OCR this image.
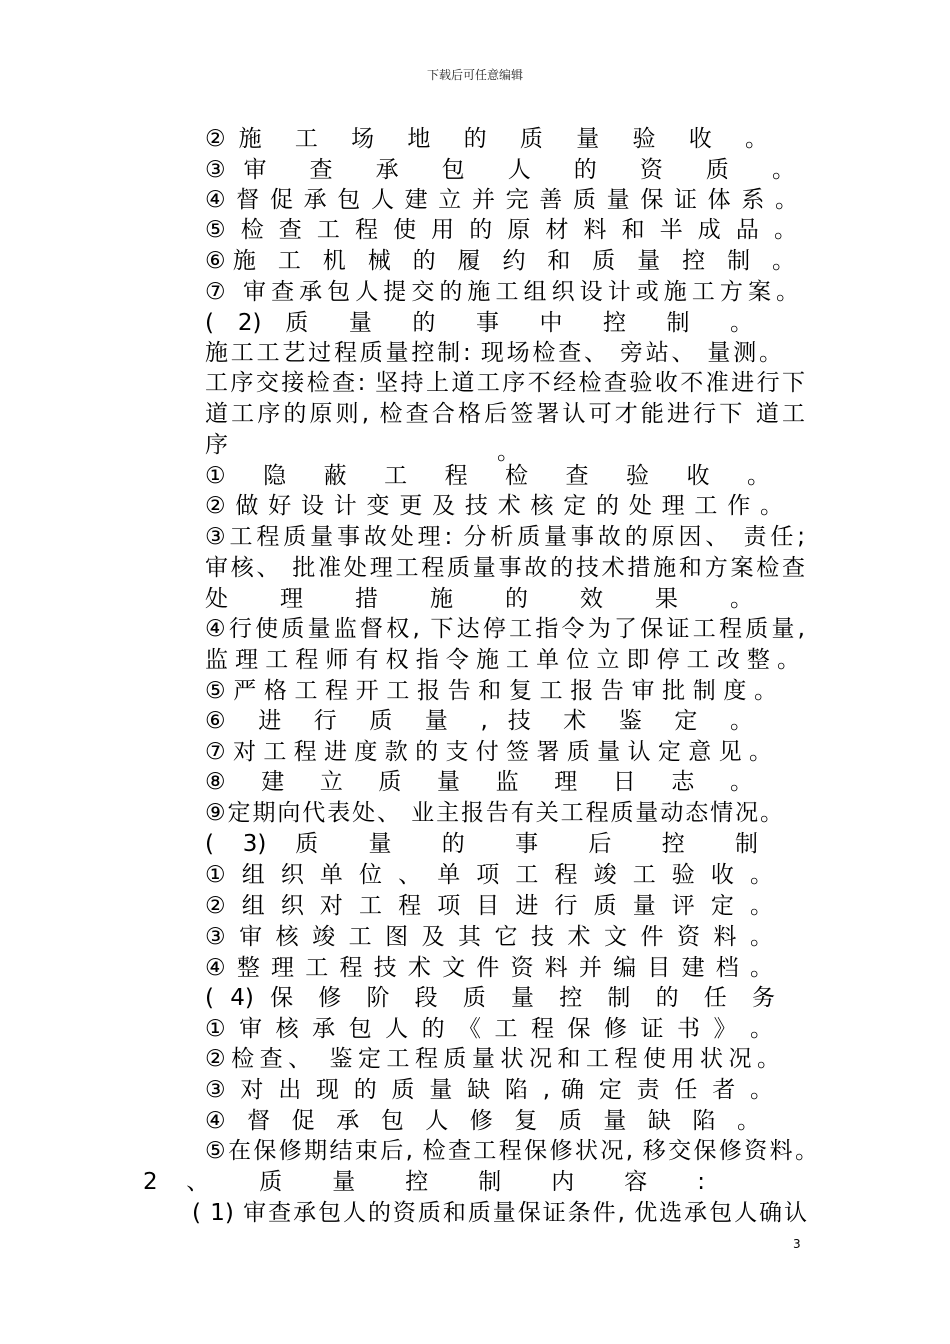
下载后可任意编辑
②施 工 场 地 的 质 量 验 收 。
③审 查 承 包 人 的 资 质 。
④督促承包人建立并完善质量保证体系。
⑤检查工程使用的原材料和半成品。
⑥施 工 机 械 的 履 约 和 质 量 控 制 。
⑦ 审查承包人提交的施工组织设计或施工方案。
( 2) 质 量 的 事 中 控 制 。
施工工艺过程质量控制: 现场检查、 旁站、 量测。
工序交接检查: 坚持上道工序不经检查验收不准进行下
道工序的原则, 检查合格后签署认可才能进行下 道工
序	。
① 隐 蔽 工 程 检 查 验 收 。
②做好设计变更及技术核定的处理工作。
③工程质量事故处理: 分析质量事故的原因、 责任;
审核、 批准处理工程质量事故的技术措施和方案检查
处 理 措 施 的 效 果 。
④行使质量监督权, 下达停工指令为了保证工程质量,
监理工程师有权指令施工单位立即停工改整。
⑤严格工程开工报告和复工报告审批制度。
⑥ 进 行 质 量 , 技 术 鉴 定 。
⑦对工程进度款的支付签署质量认定意见。
⑧ 建 立 质 量 监 理 日 志 。
⑨定期向代表处、 业主报告有关工程质量动态情况。
( 3) 质 量 的 事 后 控 制
① 组 织 单 位 、 单 项 工 程 竣 工 验 收 。
② 组 织 对 工 程 项 目 进 行 质 量 评 定 。
③ 审 核 竣 工 图 及 其 它 技 术 文 件 资 料 。
④ 整 理 工 程 技 术 文 件 资 料 并 编 目 建 档 。
( 4) 保 修 阶 段 质 量 控 制 的 任 务
① 审 核 承 包 人 的 《 工 程 保 修 证 书 》 。
②检查、 鉴定工程质量状况和工程使用状况。
③ 对 出 现 的 质 量 缺 陷 , 确 定 责 任 者 。
④ 督 促 承 包 人 修 复 质 量 缺 陷 。
⑤在保修期结束后, 检查工程保修状况, 移交保修资料。
2 、 质 量 控 制 内 容 :
( 1) 审查承包人的资质和质量保证条件, 优选承包人确认
3
